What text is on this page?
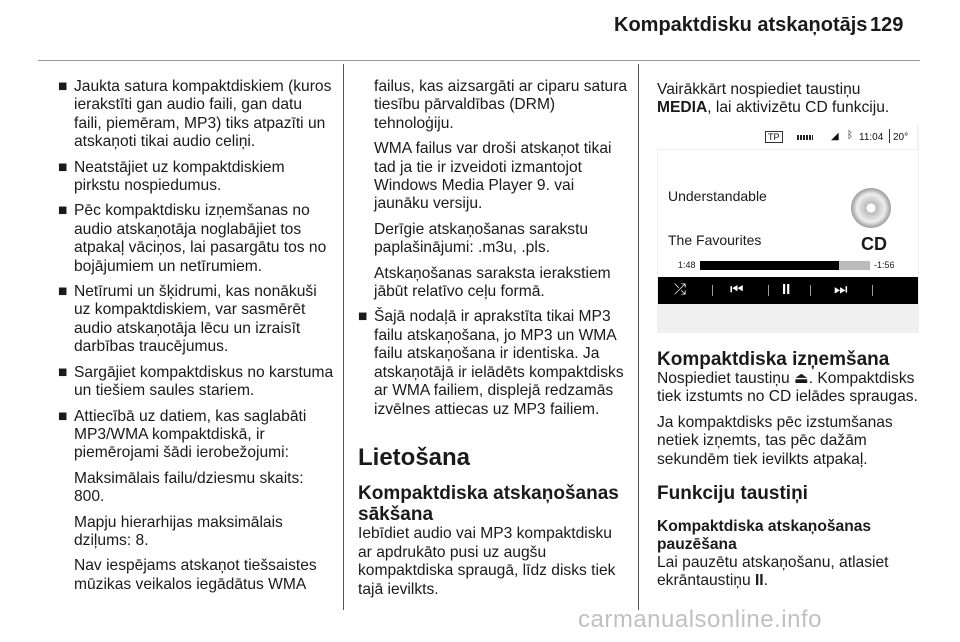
Kompaktdisku atskaņotājs 129
■ Jaukta satura kompaktdiskiem (kuros ierakstīti gan audio faili, gan datu faili, piemēram, MP3) tiks atpazīti un atskaņoti tikai audio celiņi.
■ Neatstājiet uz kompaktdiskiem pirkstu nospiedumus.
■ Pēc kompaktdisku izņemšanas no audio atskaņotāja noglabājiet tos atpakaļ vāciņos, lai pasargātu tos no bojājumiem un netīrumiem.
■ Netīrumi un šķidrumi, kas nonākuši uz kompaktdiskiem, var sasmērēt audio atskaņotāja lēcu un izraisīt darbības traucējumus.
■ Sargājiet kompaktdiskus no karstuma un tiešiem saules stariem.
■ Attiecībā uz datiem, kas saglabāti MP3/WMA kompaktdiskā, ir piemērojami šādi ierobežojumi:
Maksimālais failu/dziesmu skaits: 800.
Mapju hierarhijas maksimālais dziļums: 8.
Nav iespējams atskaņot tiešsaistes mūzikas veikalos iegādātus WMA
failus, kas aizsargāti ar ciparu satura tiesību pārvaldības (DRM) tehnoloģiju.
WMA failus var droši atskaņot tikai tad ja tie ir izveidoti izmantojot Windows Media Player 9. vai jaunāku versiju.
Derīgie atskaņošanas sarakstu paplašinājumi: .m3u, .pls.
Atskaņošanas saraksta ierakstiem jābūt relatīvo ceļu formā.
■ Šajā nodaļā ir aprakstīta tikai MP3 failu atskaņošana, jo MP3 un WMA failu atskaņošana ir identiska. Ja atskaņotājā ir ielādēts kompaktdisks ar WMA failiem, displejā redzamās izvēlnes attiecas uz MP3 failiem.
Lietošana
Kompaktdiska atskaņošanas sākšana
Iebīdiet audio vai MP3 kompaktdisku ar apdrukāto pusi uz augšu kompaktdiska spraugā, līdz disks tiek tajā ievilkts.
Vairākkārt nospiediet taustiņu
MEDIA, lai aktivizētu CD funkciju.
TP	◢ ᛒ 11:04 20°
Understandable
The Favourites	CD
1:48	-1:56
⤮	⏮	II	⏭
Kompaktdiska izņemšana
Nospiediet taustiņu ⏏. Kompaktdisks tiek izstumts no CD ielādes spraugas.
Ja kompaktdisks pēc izstumšanas netiek izņemts, tas pēc dažām sekundēm tiek ievilkts atpakaļ.
Funkciju taustiņi
Kompaktdiska atskaņošanas pauzēšana
Lai pauzētu atskaņošanu, atlasiet ekrāntaustiņu II.
carmanualsonline.info
